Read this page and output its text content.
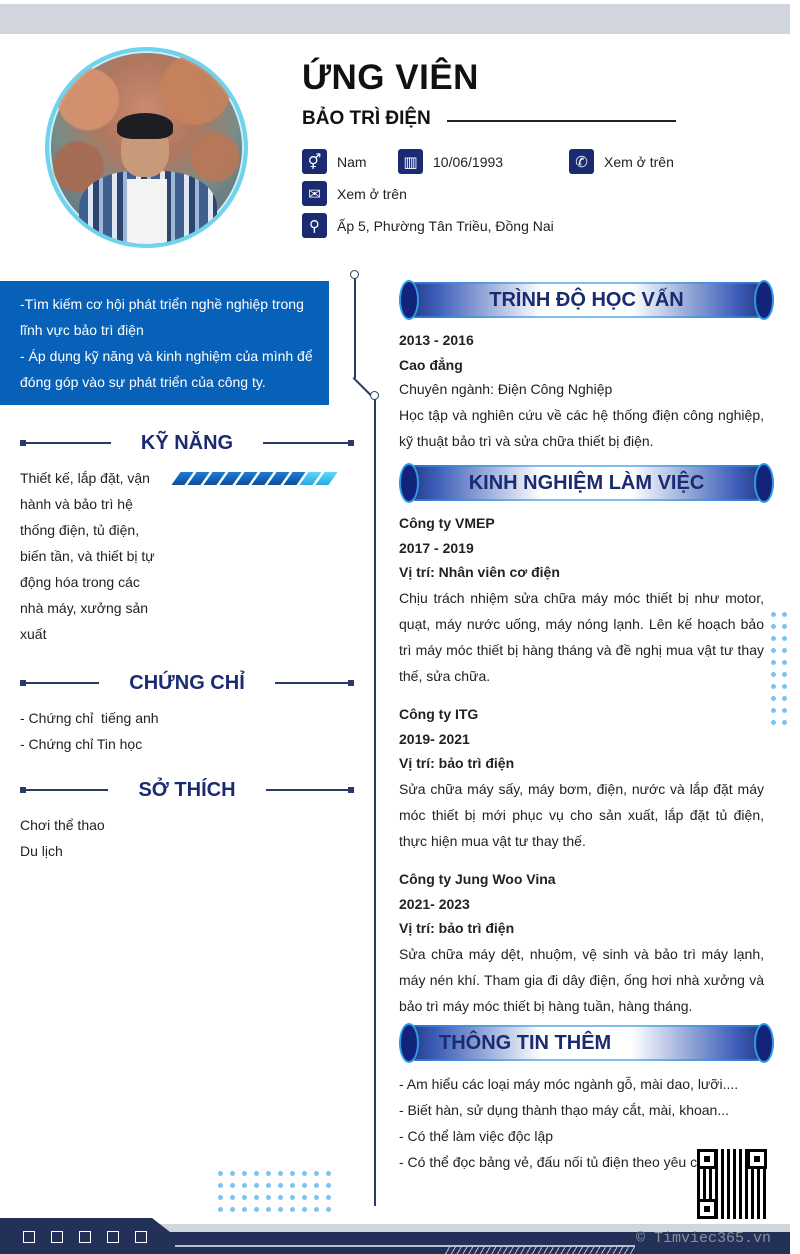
ỨNG VIÊN
BẢO TRÌ ĐIỆN
⚥	Nam	▥	10/06/1993	✆	Xem ở trên
✉	Xem ở trên
⚲	Ấp 5, Phường Tân Triều, Đồng Nai
-Tìm kiếm cơ hội phát triển nghề nghiệp trong lĩnh vực bảo trì điện
- Áp dụng kỹ năng và kinh nghiệm của mình để đóng góp vào sự phát triển của công ty.
KỸ NĂNG
Thiết kế, lắp đặt, vận hành và bảo trì hệ thống điện, tủ điện, biến tần, và thiết bị tự động hóa trong các nhà máy, xưởng sản xuất
CHỨNG CHỈ
- Chứng chỉ  tiếng anh
- Chứng chỉ Tin học
SỞ THÍCH
Chơi thể thao
Du lịch
TRÌNH ĐỘ HỌC VẤN
2013 - 2016
Cao đẳng
Chuyên ngành: Điện Công Nghiệp
Học tập và nghiên cứu về các hệ thống điện công nghiệp, kỹ thuật bảo trì và sửa chữa thiết bị điện.
KINH NGHIỆM LÀM VIỆC
Công ty VMEP
2017 - 2019
Vị trí: Nhân viên cơ điện
Chịu trách nhiệm sửa chữa máy móc thiết bị như motor, quạt, máy nước uống, máy nóng lạnh. Lên kế hoạch bảo trì máy móc thiết bị hàng tháng và đề nghị mua vật tư thay thế, sửa chữa.
Công ty ITG
2019- 2021
Vị trí: bảo trì điện
Sửa chữa máy sấy, máy bơm, điện, nước và lắp đặt máy móc thiết bị mới phục vụ cho sản xuất, lắp đặt tủ điện, thực hiện mua vật tư thay thế.
Công ty Jung Woo Vina
2021- 2023
Vị trí: bảo trì điện
Sửa chữa máy dệt, nhuộm, vệ sinh và bảo trì máy lạnh, máy nén khí. Tham gia đi dây điện, ống hơi nhà xưởng và bảo trì máy móc thiết bị hàng tuần, hàng tháng.
THÔNG TIN THÊM
- Am hiểu các loại máy móc ngành gỗ, mài dao, lưỡi....
- Biết hàn, sử dụng thành thạo máy cắt, mài, khoan...
- Có thể làm việc độc lập
- Có thể đọc bảng vẻ, đấu nối tủ điện theo yêu c
© Timviec365.vn
